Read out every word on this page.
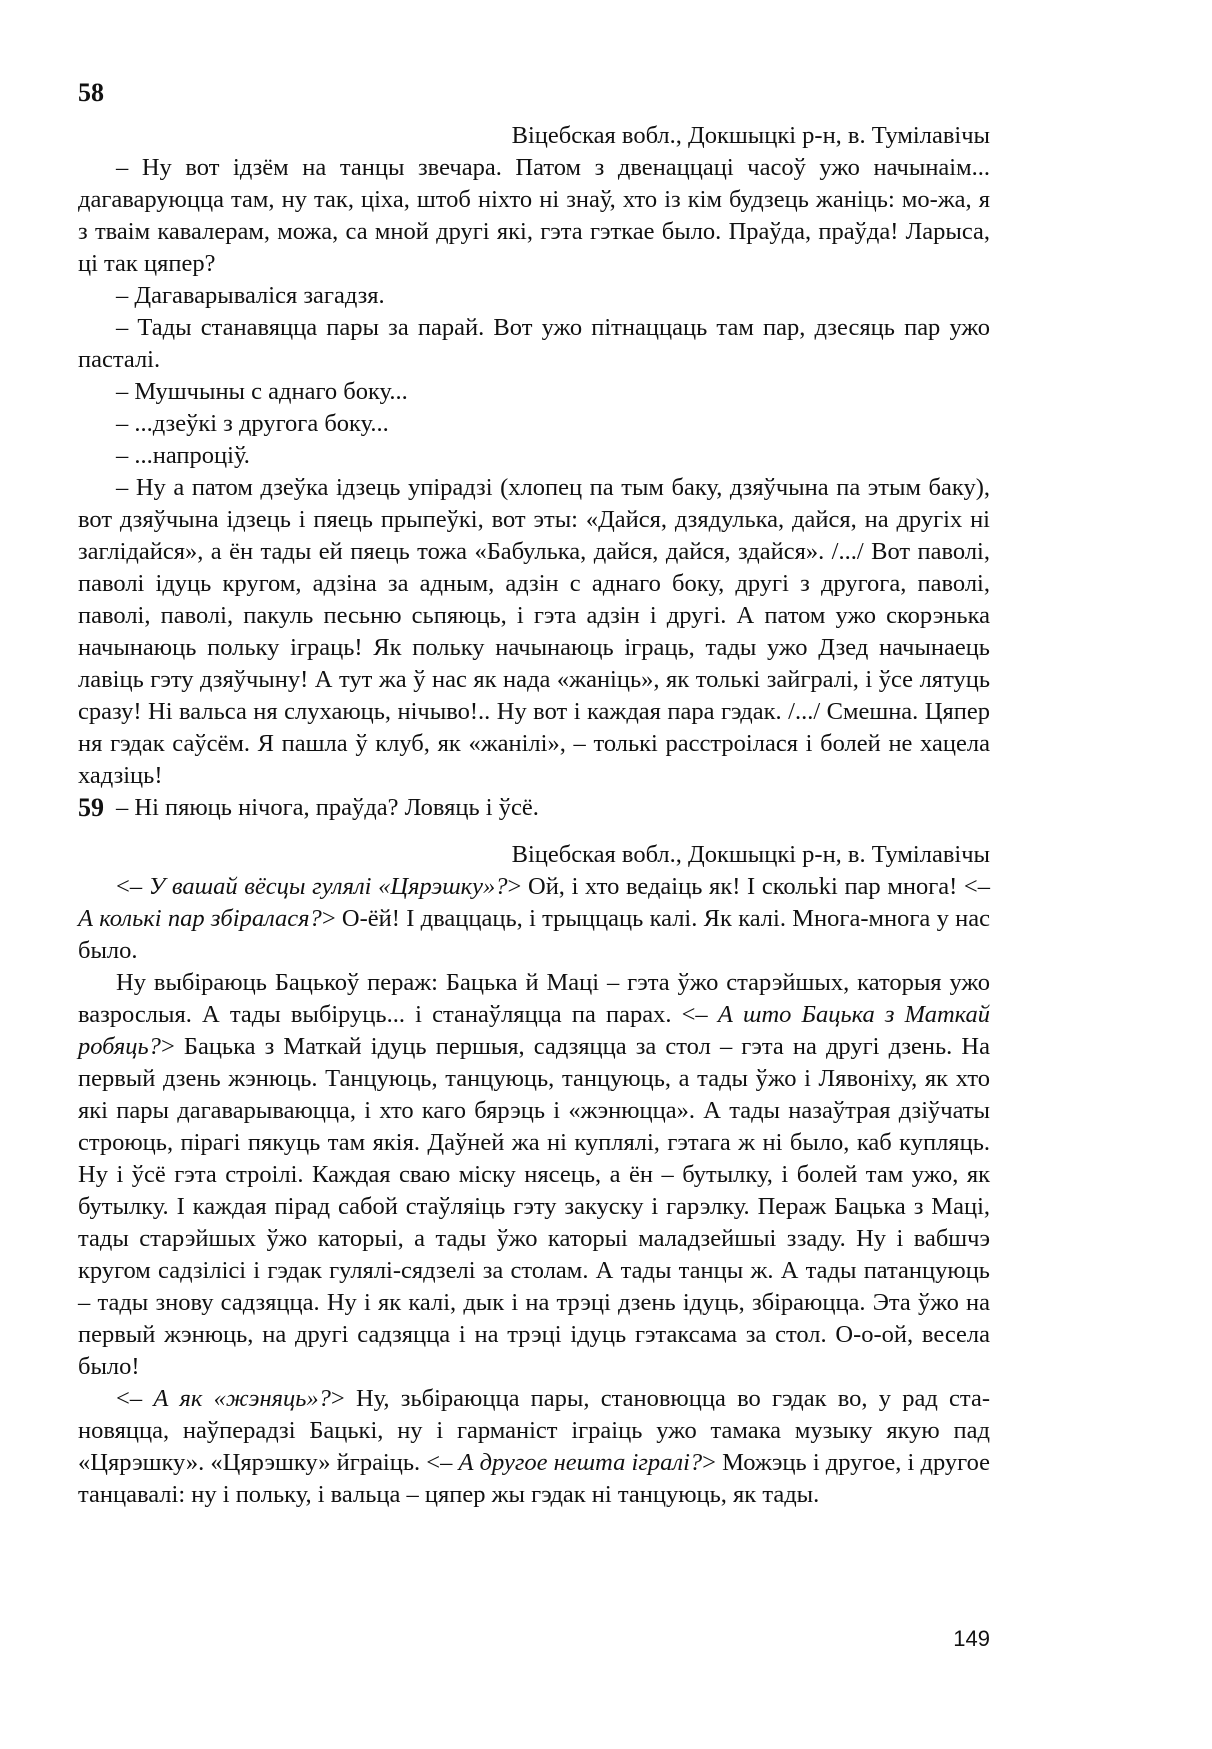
58

Віцебская вобл., Докшыцкі р-н, в. Тумілавічы

– Ну вот ідзём на танцы звечара. Патом з двенаццаці часоў ужо начынаім... дагаваруюцца там, ну так, ціха, штоб ніхто ні знаў, хто із кім будзець жаніць: мо-жа, я з тваім кавалерам, можа, са мной другі які, гэта гэткае было. Праўда, праўда! Ларыса, ці так цяпер?

– Дагаварываліся загадзя.

– Тады станавяцца пары за парай. Вот ужо пітнаццаць там пар, дзесяць пар ужо пасталі.

– Мушчыны с аднаго боку...

– ...дзеўкі з другога боку...

– ...напроціў.

– Ну а патом дзеўка ідзець упірадзі (хлопец па тым баку, дзяўчына па этым баку), вот дзяўчына ідзець і пяець прыпеўкі, вот эты: «Дайся, дзядулька, дайся, на другіх ні заглідайся», а ён тады ей пяець тожа «Бабулька, дайся, дайся, здайся». /.../ Вот паволі, паволі ідуць кругом, адзіна за адным, адзін с аднаго боку, другі з другога, паволі, паволі, паволі, пакуль песьню сьпяюць, і гэта адзін і другі. А патом ужо скорэнька начынаюць польку іграць! Як польку начынаюць іграць, тады ужо Дзед начынаець лавіць гэту дзяўчыну! А тут жа ў нас як нада «жаніць», як толькі зайгралі, і ўсе лятуць сразу! Ні вальса ня слухаюць, нічыво!.. Ну вот і каждая пара гэдак. /.../ Смешна. Цяпер ня гэдак саўсём. Я пашла ў клуб, як «жанілі», – толькі расстроілася і болей не хацела хадзіць!

– Ні пяюць нічога, праўда? Ловяць і ўсё.

59

Віцебская вобл., Докшыцкі р-н, в. Тумілавічы

<– У вашай вёсцы гулялі «Цярэшку»?> Ой, і хто ведаіць як! І скольki пар многа! <– А колькі пар збіралася?> О-ёй! І дваццаць, і трыццаць калі. Як калі. Многа-многа у нас было.

Ну выбіраюць Бацькоў пераж: Бацька й Маці – гэта ўжо старэйшых, каторыя ужо вазрослыя. А тады выбіруць... і станаўляцца па парах. <– А што Бацька з Маткай робяць?> Бацька з Маткай ідуць першыя, садзяцца за стол – гэта на другі дзень. На первый дзень жэнюць. Танцуюць, танцуюць, танцуюць, а тады ўжо і Лявоніху, як хто які пары дагаварываюцца, і хто каго бярэць і «жэнюцца». А тады назаўтрая дзіўчаты строюць, пірагі пякуць там якія. Даўней жа ні куплялі, гэтага ж ні было, каб купляць. Ну і ўсё гэта строілі. Каждая сваю міску нясець, а ён – бутылку, і болей там ужо, як бутылку. І каждая пірад сабой стаўляіць гэту закуску і гарэлку. Пераж Бацька з Маці, тады старэйшых ўжо каторыі, а тады ўжо каторыі маладзейшыі ззаду. Ну і вабшчэ кругом садзілісі і гэдак гулялі-сядзелі за столам. А тады танцы ж. А тады патанцуюць – тады знову садзяцца. Ну і як калі, дык і на трэці дзень ідуць, збіраюцца. Эта ўжо на первый жэнюць, на другі садзяцца і на трэці ідуць гэтаксама за стол. О-о-ой, весела было!

<– А як «жэняць»?> Ну, зьбіраюцца пары, становюцца во гэдак во, у рад ста-новяцца, наўперадзі Бацькі, ну і гарманіст іграіць ужо тамака музыку якую пад «Цярэшку». «Цярэшку» йграіць. <– А другое нешта ігралі?> Можэць і другое, і другое танцавалі: ну і польку, і вальца – цяпер жы гэдак ні танцуюць, як тады.

149
